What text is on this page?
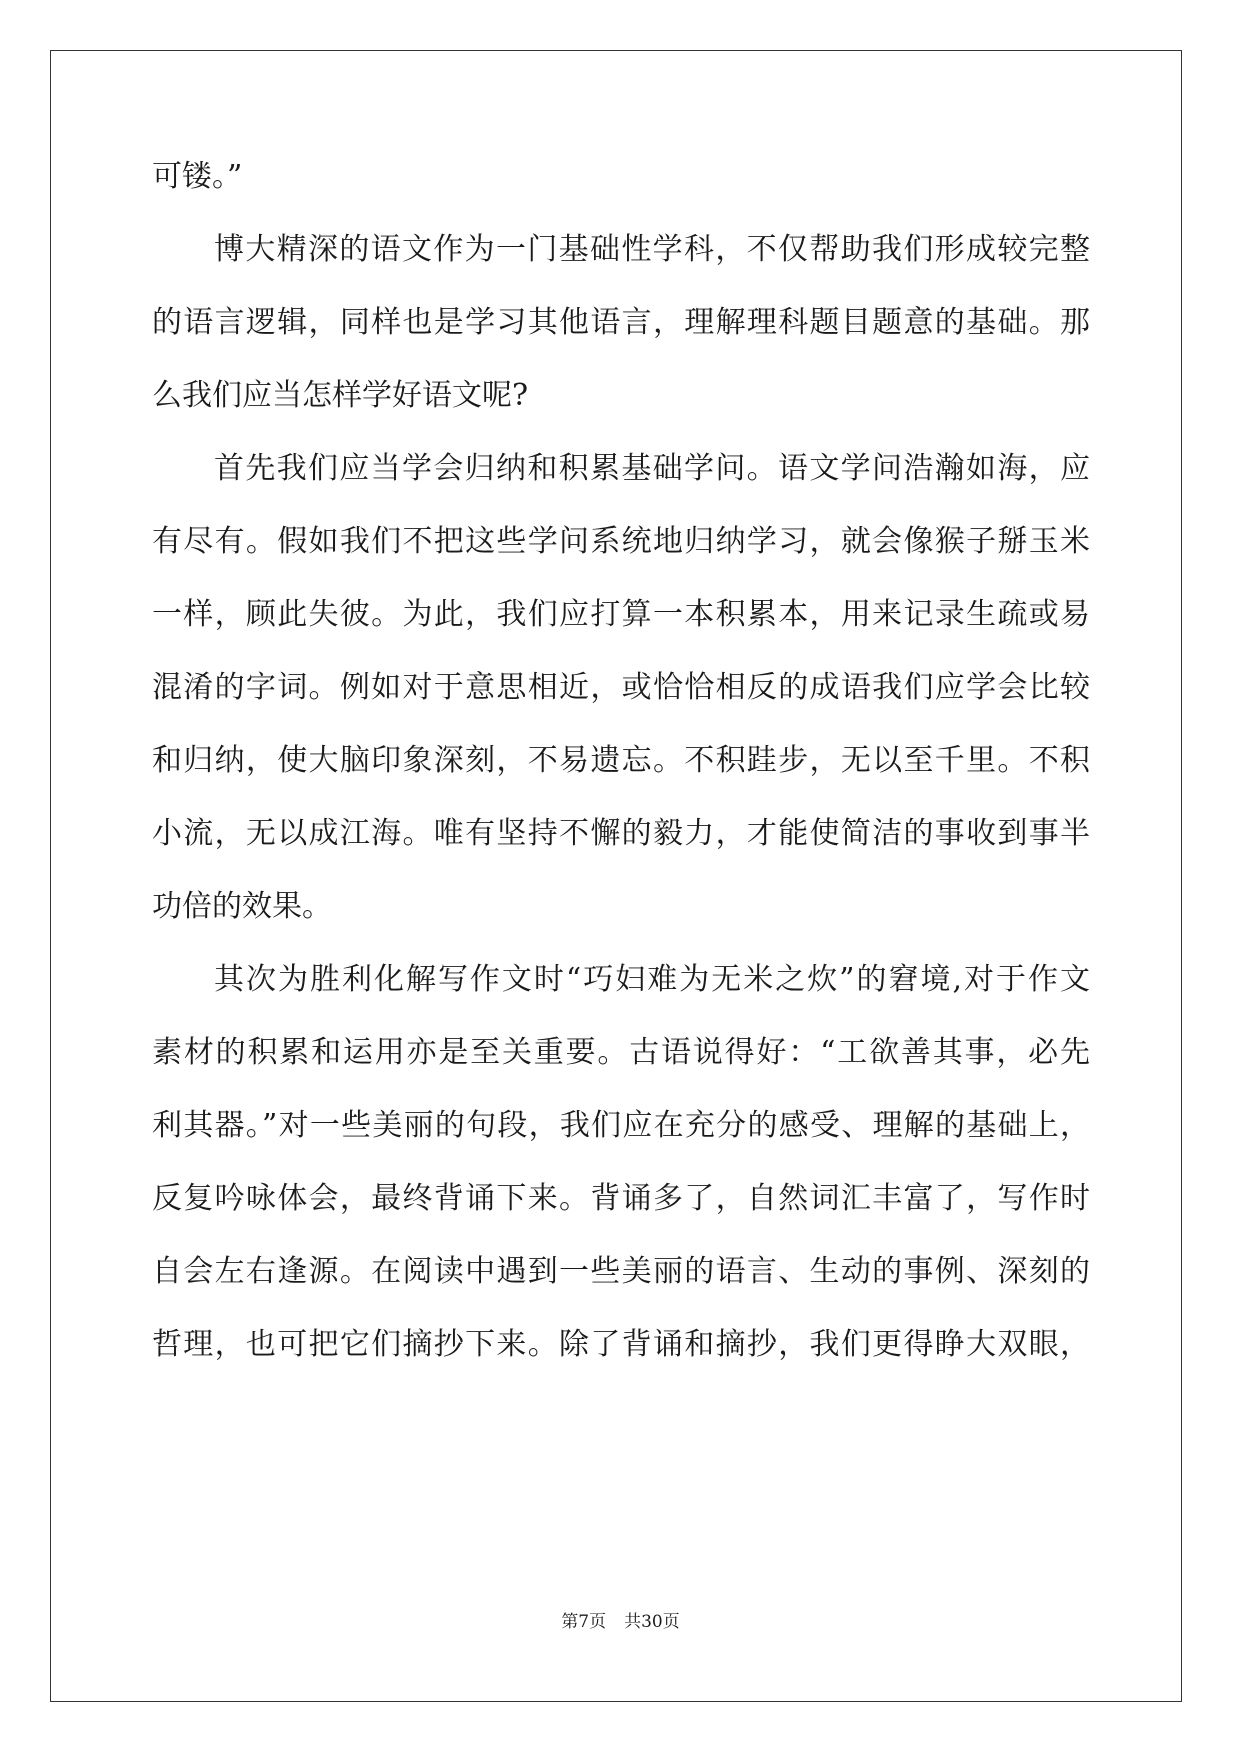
可镂。”
博大精深的语文作为一门基础性学科，不仅帮助我们形成较完整
的语言逻辑，同样也是学习其他语言，理解理科题目题意的基础。那
么我们应当怎样学好语文呢?
首先我们应当学会归纳和积累基础学问。语文学问浩瀚如海，应
有尽有。假如我们不把这些学问系统地归纳学习，就会像猴子掰玉米
一样，顾此失彼。为此，我们应打算一本积累本，用来记录生疏或易
混淆的字词。例如对于意思相近，或恰恰相反的成语我们应学会比较
和归纳，使大脑印象深刻，不易遗忘。不积跬步，无以至千里。不积
小流，无以成江海。唯有坚持不懈的毅力，才能使简洁的事收到事半
功倍的效果。
其次为胜利化解写作文时“巧妇难为无米之炊”的窘境,对于作文
素材的积累和运用亦是至关重要。古语说得好：“工欲善其事，必先
利其器。”对一些美丽的句段，我们应在充分的感受、理解的基础上，
反复吟咏体会，最终背诵下来。背诵多了，自然词汇丰富了，写作时
自会左右逢源。在阅读中遇到一些美丽的语言、生动的事例、深刻的
哲理，也可把它们摘抄下来。除了背诵和摘抄，我们更得睁大双眼，
第7页 共30页
